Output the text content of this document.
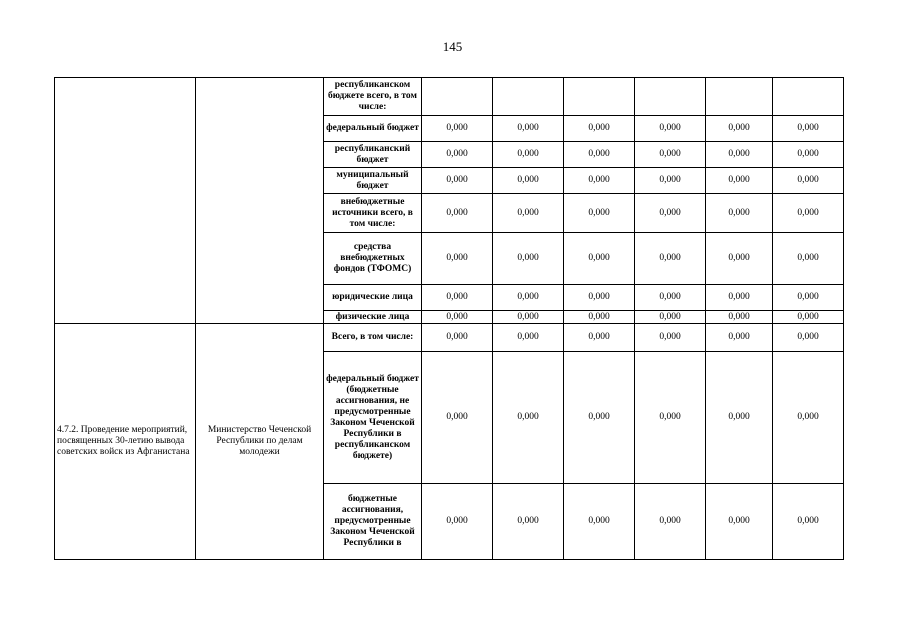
145
		республиканском бюджете всего, в том числе:						
		федеральный бюджет	0,000	0,000	0,000	0,000	0,000	0,000
		республиканский бюджет	0,000	0,000	0,000	0,000	0,000	0,000
		муниципальный бюджет	0,000	0,000	0,000	0,000	0,000	0,000
		внебюджетные источники всего, в том числе:	0,000	0,000	0,000	0,000	0,000	0,000
		средства внебюджетных фондов (ТФОМС)	0,000	0,000	0,000	0,000	0,000	0,000
		юридические лица	0,000	0,000	0,000	0,000	0,000	0,000
		физические лица	0,000	0,000	0,000	0,000	0,000	0,000
4.7.2. Проведение мероприятий, посвященных 30-летию вывода советских войск из Афганистана	Министерство Чеченской Республики по делам молодежи	Всего, в том числе:	0,000	0,000	0,000	0,000	0,000	0,000
		федеральный бюджет (бюджетные ассигнования, не предусмотренные Законом Чеченской Республики в республиканском бюджете)	0,000	0,000	0,000	0,000	0,000	0,000
		бюджетные ассигнования, предусмотренные Законом Чеченской Республики в	0,000	0,000	0,000	0,000	0,000	0,000
